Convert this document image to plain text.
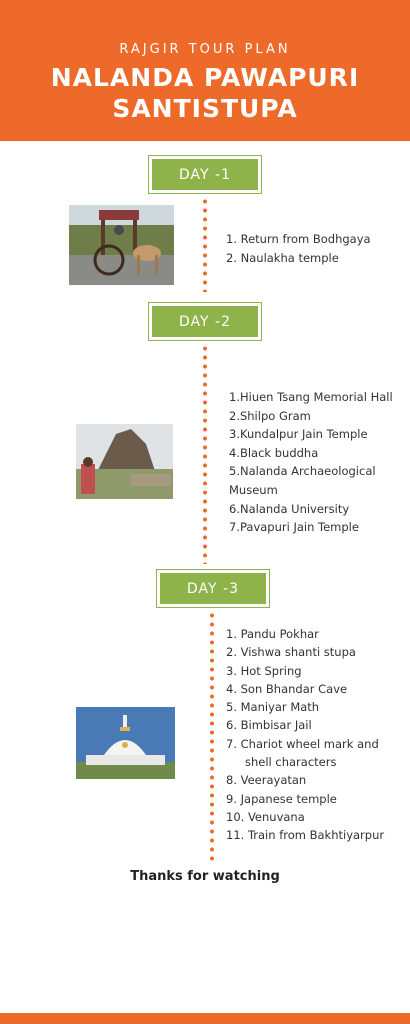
RAJGIR TOUR PLAN
NALANDA PAWAPURI
SANTISTUPA
DAY -1
1. Return from Bodhgaya
2. Naulakha temple
DAY -2
1.Hiuen Tsang Memorial Hall
2.Shilpo Gram
3.Kundalpur Jain Temple
4.Black buddha
5.Nalanda Archaeological
Museum
6.Nalanda University
7.Pavapuri Jain Temple
DAY -3
1. Pandu Pokhar
2. Vishwa shanti stupa
3. Hot Spring
4. Son Bhandar Cave
5. Maniyar Math
6. Bimbisar Jail
7. Chariot wheel mark and
shell characters
8. Veerayatan
9. Japanese temple
10. Venuvana
11. Train from Bakhtiyarpur
Thanks for watching
